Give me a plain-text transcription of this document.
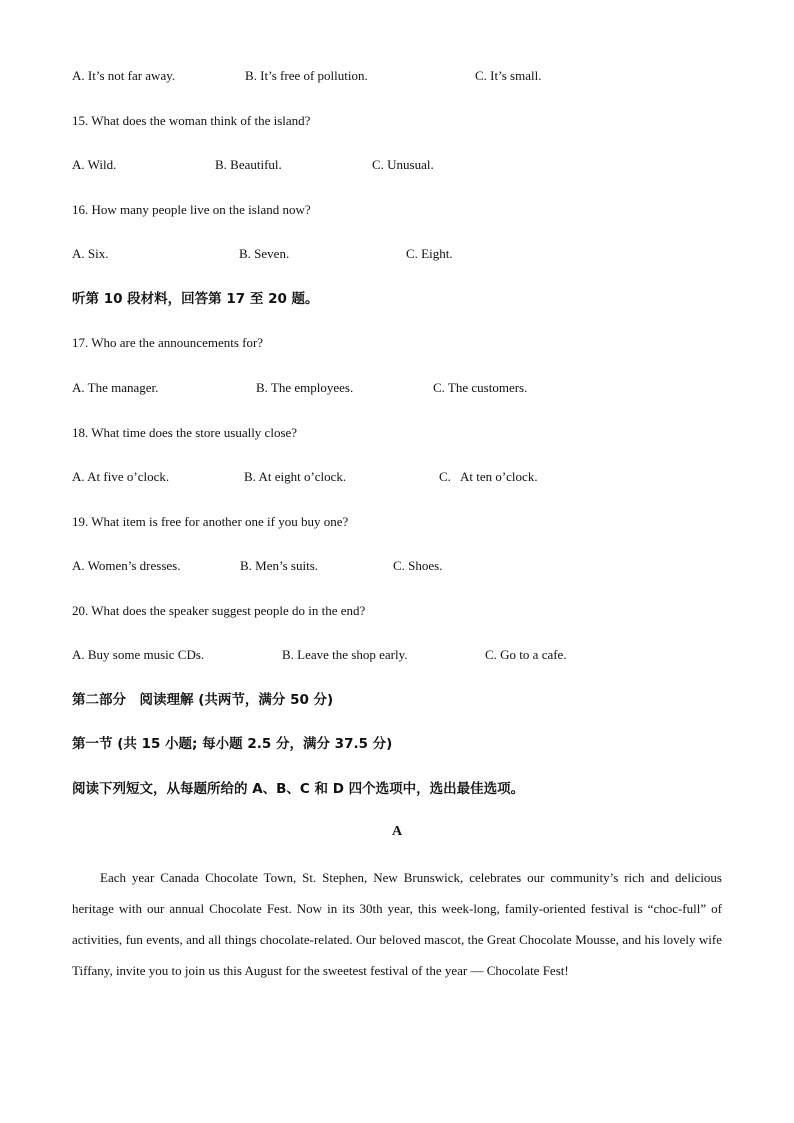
A. It’s not far away.	B. It’s free of pollution.	C. It’s small.
15. What does the woman think of the island?
A. Wild.	B. Beautiful.	C. Unusual.
16. How many people live on the island now?
A. Six.	B. Seven.	C. Eight.
听第 10 段材料，回答第 17 至 20 题。
17. Who are the announcements for?
A. The manager.	B. The employees.	C. The customers.
18. What time does the store usually close?
A. At five o’clock.	B. At eight o’clock.	C.   At ten o’clock.
19. What item is free for another one if you buy one?
A. Women’s dresses.	B. Men’s suits.	C. Shoes.
20. What does the speaker suggest people do in the end?
A. Buy some music CDs.	B. Leave the shop early.	C. Go to a cafe.
第二部分　阅读理解 (共两节，满分 50 分)
第一节 (共 15 小题; 每小题 2.5 分，满分 37.5 分)
阅读下列短文，从每题所给的 A、B、C 和 D 四个选项中，选出最佳选项。
A

Each year Canada Chocolate Town, St. Stephen, New Brunswick, celebrates our community’s rich and delicious heritage with our annual Chocolate Fest. Now in its 30th year, this week-long, family-oriented festival is “choc-full” of activities, fun events, and all things chocolate-related. Our beloved mascot, the Great Chocolate Mousse, and his lovely wife Tiffany, invite you to join us this August for the sweetest festival of the year — Chocolate Fest!
